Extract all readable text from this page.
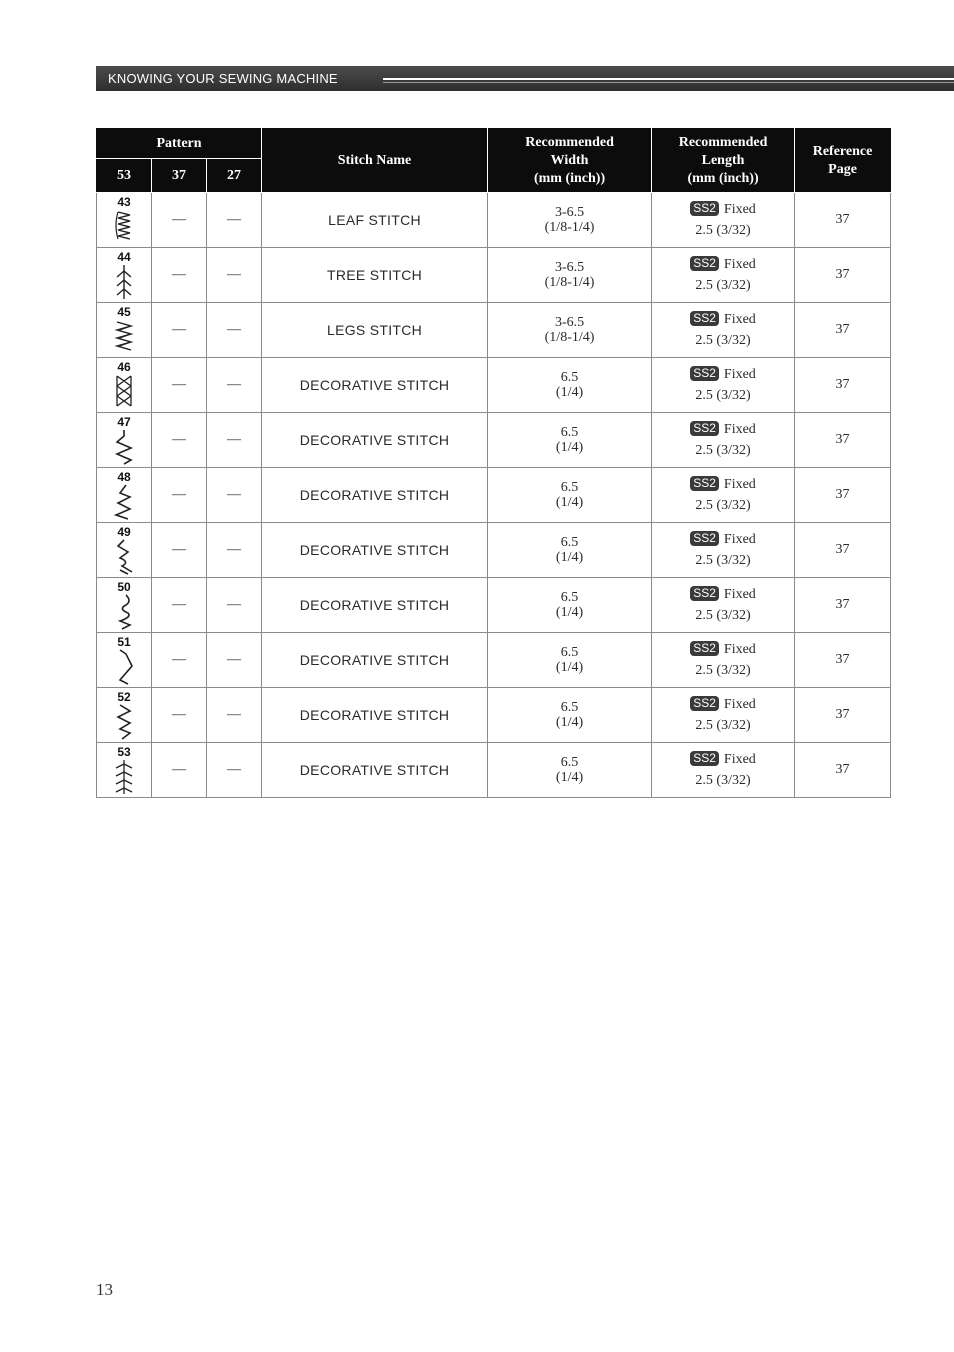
KNOWING YOUR SEWING MACHINE
Pattern			Stitch Name	Recommended
Width
(mm (inch))	Recommended
Length
(mm (inch))	Reference
Page
53	37	27				

43	—	—	LEAF STITCH	3-6.5
(1/8-1/4)	SS2 Fixed
2.5 (3/32)	37

44	—	—	TREE STITCH	3-6.5
(1/8-1/4)	SS2 Fixed
2.5 (3/32)	37

45	—	—	LEGS STITCH	3-6.5
(1/8-1/4)	SS2 Fixed
2.5 (3/32)	37

46	—	—	DECORATIVE STITCH	6.5
(1/4)	SS2 Fixed
2.5 (3/32)	37

47	—	—	DECORATIVE STITCH	6.5
(1/4)	SS2 Fixed
2.5 (3/32)	37

48	—	—	DECORATIVE STITCH	6.5
(1/4)	SS2 Fixed
2.5 (3/32)	37

49	—	—	DECORATIVE STITCH	6.5
(1/4)	SS2 Fixed
2.5 (3/32)	37

50	—	—	DECORATIVE STITCH	6.5
(1/4)	SS2 Fixed
2.5 (3/32)	37

51	—	—	DECORATIVE STITCH	6.5
(1/4)	SS2 Fixed
2.5 (3/32)	37

52	—	—	DECORATIVE STITCH	6.5
(1/4)	SS2 Fixed
2.5 (3/32)	37

53	—	—	DECORATIVE STITCH	6.5
(1/4)	SS2 Fixed
2.5 (3/32)	37
13
